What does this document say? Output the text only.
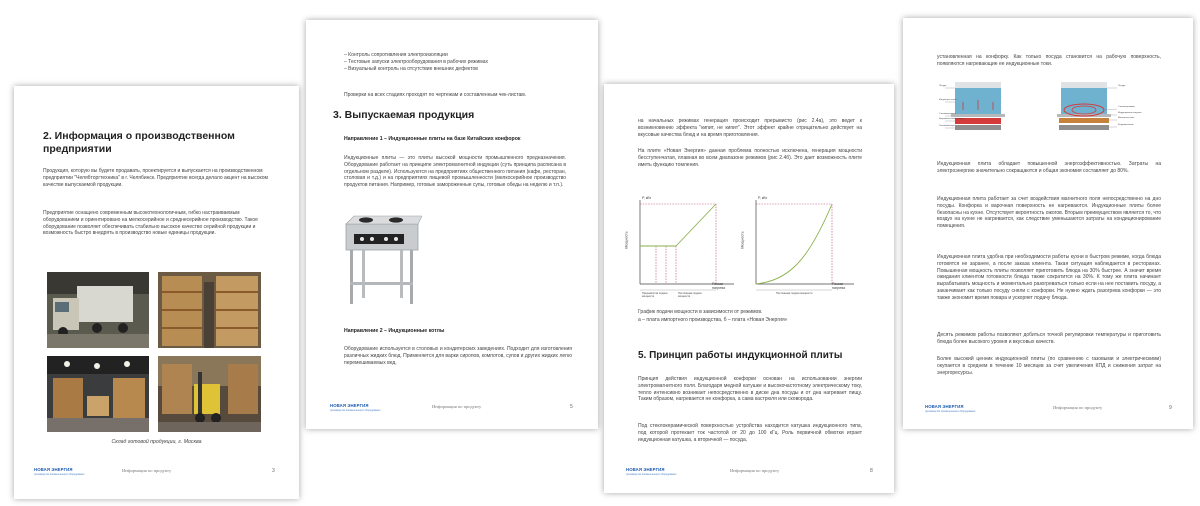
2. Информация о производственном предприятии

Продукция, которую вы будете продавать, проектируется и выпускается на производственном предприятии "Челябторгтехника" в г. Челябинск. Предприятие всегда делало акцент на высоком качестве выпускаемой продукции.

Предприятие оснащено современным высокотехнологичным, гибко настраиваемым оборудованием и ориентировано на мелкосерийное и среднесерийное производство. Такое оборудование позволяет обеспечивать стабильно высокое качество серийной продукции и возможность быстро внедрять в производство новые единицы продукции.

Склад готовой продукции, г. Москва
НОВАЯ ЭНЕРГИЯ
производство промышленного оборудования
Информация по продукту	3

– Контроль сопротивления электроизоляции

– Тестовые запуски электрооборудования в рабочих режимах

– Визуальный контроль на отсутствие внешних дефектов

Проверки на всех стадиях проходят по чертежам и составленным чек-листам.

3. Выпускаемая продукция

Направление 1 – Индукционные плиты на базе Китайских конфорок

Индукционные плиты — это плиты высокой мощности промышленного предназначения. Оборудование работает на принципе электромагнитной индукции (суть принципа расписана в отдельном разделе). Используются на предприятиях общественного питания (кафе, ресторан, столовая и т.д.) и на предприятиях пищевой промышленности (мелкосерийное производство продуктов питания. Например, готовые замороженные супы, готовые обеды на неделю и т.п.).

Направление 2 – Индукционные котлы

Оборудование используется в столовых и кондитерских заведениях. Подходит для изготовления различных жидких блюд. Применяется для варки сиропов, компотов, супов и других жидких легко перемешиваемых вед.

НОВАЯ ЭНЕРГИЯ
производство промышленного оборудования
Информация по продукту	5

на начальных режимах генерация происходит прерывисто (рис 2.4а), это ведет к возникновению эффекта "кипит, не кипит". Этот эффект крайне отрицательно действует на вкусовые качества блюд и на время приготовления.

На плите «Новая Энергия» данная проблема полностью исключена, генерация мощности бесступенчатая, плавная во всем диапазоне режимов (рис 2.4б). Это дает возможность плите иметь функцию томления.

Р, кВт
Мощность
Режим нагрева
Прерывистая подача мощности
Постоянная подача мощности
Р, кВт
Мощность
Режим нагрева
Постоянная подача мощности

График подачи мощности в зависимости от режимов.

а – плата импортного производства, б – плата «Новая Энергия»

5. Принцип работы индукционной плиты

Принцип действия индукционной конфорки основан на использовании энергии электромагнитного поля. Благодаря медной катушке и высокочастотному электрическому току, тепло интенсивно возникает непосредственно в диске дна посуды и от дна нагревает пищу. Таким образом, нагревается не конфорка, а сама кастрюля или сковорода.

Под стеклокерамической поверхностью устройства находится катушка индукционного типа, под которой протекает ток частотой от 20 до 100 кГц. Роль первичной обмотки играет индукционная катушка, а вторичной — посуда,

НОВАЯ ЭНЕРГИЯ
производство промышленного оборудования
Информация по продукту	8

установленная на конфорку. Как только посуда становится на рабочую поверхность, появляются нагревающие ее индукционные токи.

Посуда
Излучение тепла
Стеклокерамика
Нагревательный элемент
Теплоизоляция
Посуда
Стеклокерамика
Индукционная катушка
Магнитное поле
Ферромагнетик

Индукционная плита обладает повышенной энергоэффективностью. Затраты на электроэнергию значительно сокращаются и общая экономия составляет до 80%.

Индукционная плита работает за счет воздействия магнитного поля непосредственно на дно посуды. Конфорка и варочная поверхность не нагреваются. Индукционные плиты более безопасны на кухне. Отсутствует вероятность ожогов. Вторым преимуществом является то, что воздух на кухне не нагревается, как следствие уменьшаются затраты на кондиционирование помещения.

Индукционная плита удобна при необходимости работы кухни в быстром режиме, когда блюда готовятся не заранее, а после заказа клиента. Такая ситуация наблюдается в ресторанах. Повышенная мощность плиты позволяет приготовить блюда на 30% быстрее. А значит время ожидания клиентом готовности блюда также сократится на 30%. К тому же плита начинает вырабатывать мощность и моментально разогреваться только если на нее поставить посуду, а заканчивает как только посуду сняли с конфорки. Не нужно ждать разогрева конфорки — это также экономит время повара и ускоряет подачу блюда.

Десять режимов работы позволяют добиться точной регулировки температуры и приготовить блюда более высокого уровня и вкусовых качеств.

Более высокий ценник индукционной плиты (по сравнению с газовыми и электрическими) окупается в среднем в течение 10 месяцев за счет увеличения КПД и снижения затрат на энергоресурсы.

НОВАЯ ЭНЕРГИЯ
производство промышленного оборудования
Информация по продукту	9
